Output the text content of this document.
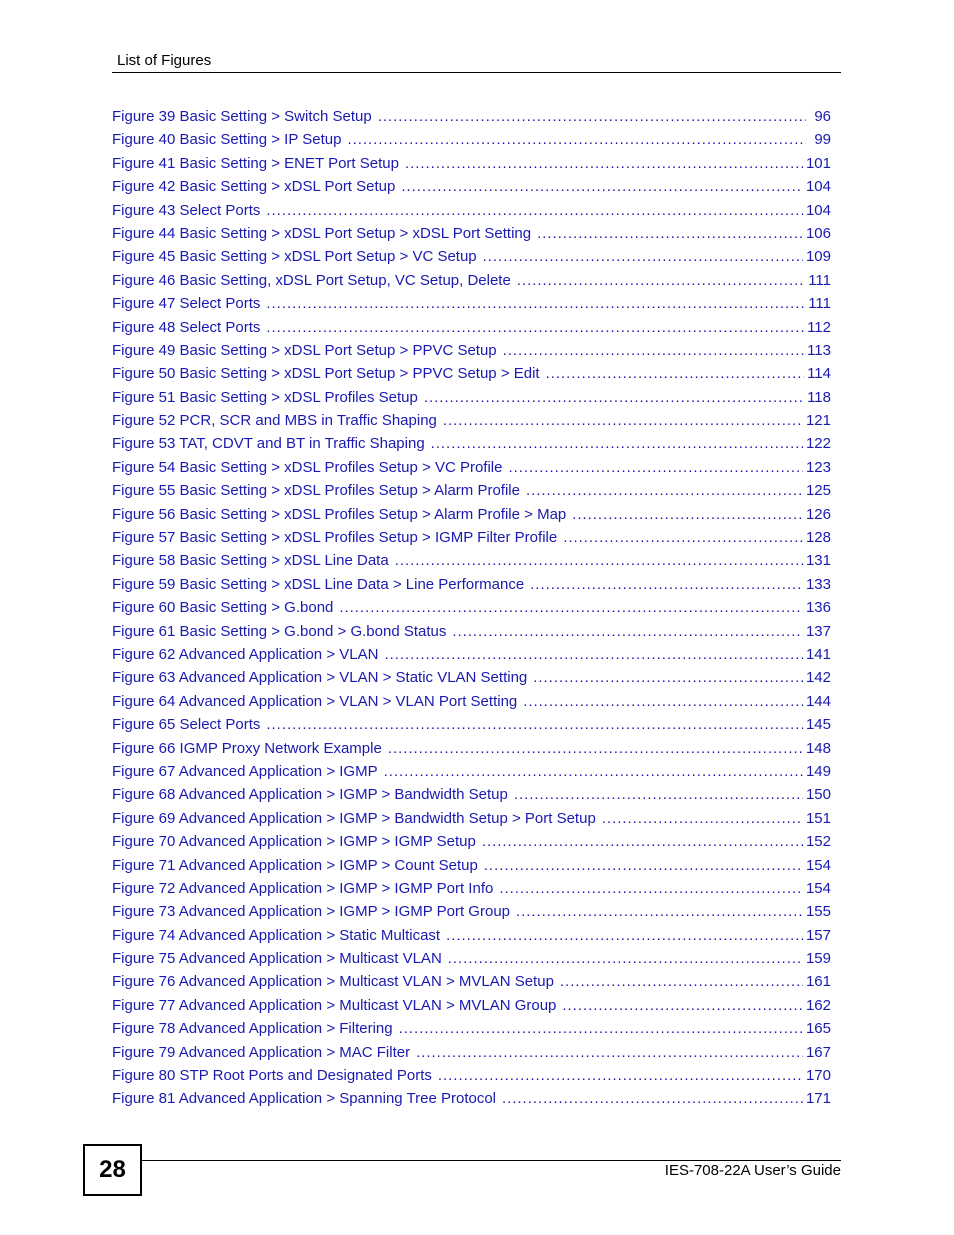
List of Figures
Figure 39 Basic Setting > Switch Setup . . .	96
Figure 40 Basic Setting > IP Setup . . .	99
Figure 41 Basic Setting > ENET Port Setup . . .	101
Figure 42 Basic Setting > xDSL Port Setup . . .	104
Figure 43 Select Ports . . .	104
Figure 44 Basic Setting > xDSL Port Setup > xDSL Port Setting . . .	106
Figure 45 Basic Setting > xDSL Port Setup > VC Setup . . .	109
Figure 46 Basic Setting, xDSL Port Setup, VC Setup, Delete . . .	111
Figure 47 Select Ports . . .	111
Figure 48 Select Ports . . .	112
Figure 49 Basic Setting > xDSL Port Setup > PPVC Setup . . .	113
Figure 50 Basic Setting > xDSL Port Setup > PPVC Setup > Edit . . .	114
Figure 51 Basic Setting > xDSL Profiles Setup . . .	118
Figure 52 PCR, SCR and MBS in Traffic Shaping . . .	121
Figure 53 TAT, CDVT and BT in Traffic Shaping . . .	122
Figure 54 Basic Setting > xDSL Profiles Setup > VC Profile . . .	123
Figure 55 Basic Setting > xDSL Profiles Setup > Alarm Profile . . .	125
Figure 56 Basic Setting > xDSL Profiles Setup > Alarm Profile > Map . . .	126
Figure 57 Basic Setting > xDSL Profiles Setup > IGMP Filter Profile . . .	128
Figure 58 Basic Setting > xDSL Line Data . . .	131
Figure 59 Basic Setting > xDSL Line Data > Line Performance . . .	133
Figure 60 Basic Setting > G.bond . . .	136
Figure 61 Basic Setting > G.bond > G.bond Status . . .	137
Figure 62 Advanced Application > VLAN . . .	141
Figure 63 Advanced Application > VLAN > Static VLAN Setting . . .	142
Figure 64 Advanced Application > VLAN > VLAN Port Setting . . .	144
Figure 65 Select Ports . . .	145
Figure 66 IGMP Proxy Network Example . . .	148
Figure 67 Advanced Application > IGMP . . .	149
Figure 68 Advanced Application > IGMP > Bandwidth Setup . . .	150
Figure 69 Advanced Application > IGMP > Bandwidth Setup > Port Setup . . .	151
Figure 70 Advanced Application > IGMP > IGMP Setup . . .	152
Figure 71 Advanced Application > IGMP > Count Setup . . .	154
Figure 72 Advanced Application > IGMP > IGMP Port Info . . .	154
Figure 73 Advanced Application > IGMP > IGMP Port Group . . .	155
Figure 74 Advanced Application > Static Multicast . . .	157
Figure 75 Advanced Application > Multicast VLAN . . .	159
Figure 76 Advanced Application > Multicast VLAN > MVLAN Setup . . .	161
Figure 77 Advanced Application > Multicast VLAN > MVLAN Group . . .	162
Figure 78 Advanced Application > Filtering . . .	165
Figure 79 Advanced Application > MAC Filter . . .	167
Figure 80 STP Root Ports and Designated Ports . . .	170
Figure 81 Advanced Application > Spanning Tree Protocol . . .	171
28	IES-708-22A User’s Guide
